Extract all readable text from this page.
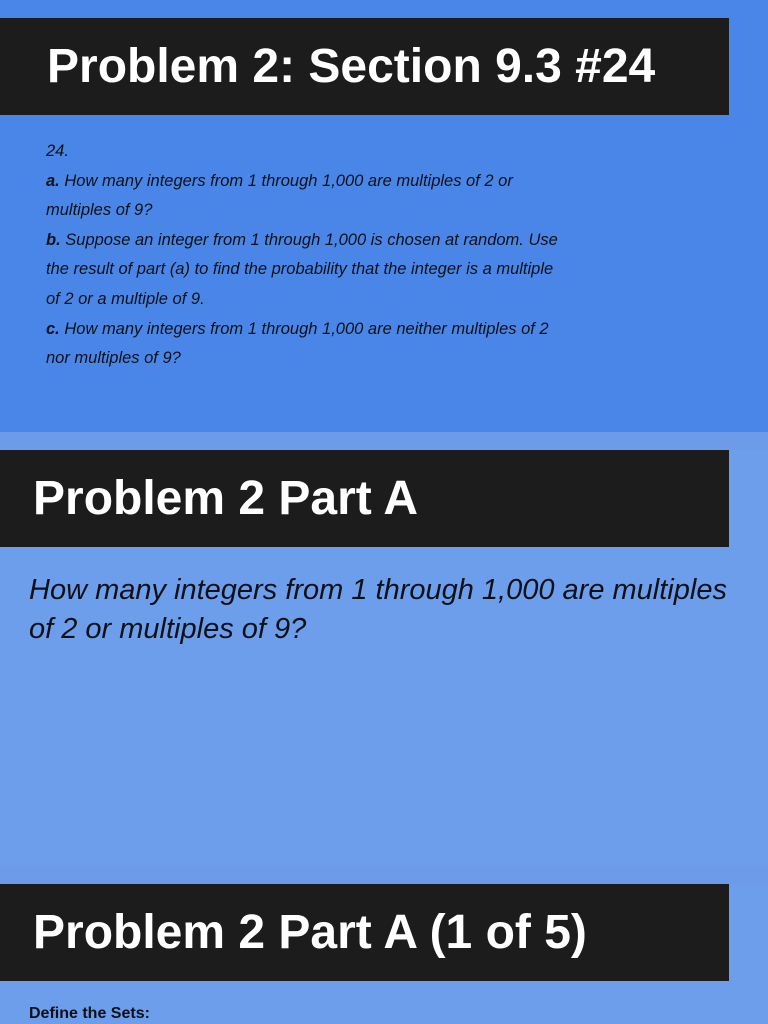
Problem 2: Section 9.3 #24
24.
a. How many integers from 1 through 1,000 are multiples of 2 or multiples of 9?
b. Suppose an integer from 1 through 1,000 is chosen at random. Use the result of part (a) to find the probability that the integer is a multiple of 2 or a multiple of 9.
c. How many integers from 1 through 1,000 are neither multiples of 2 nor multiples of 9?
Problem 2 Part A
How many integers from 1 through 1,000 are multiples of 2 or multiples of 9?
Problem 2 Part A (1 of 5)
Define the Sets:
